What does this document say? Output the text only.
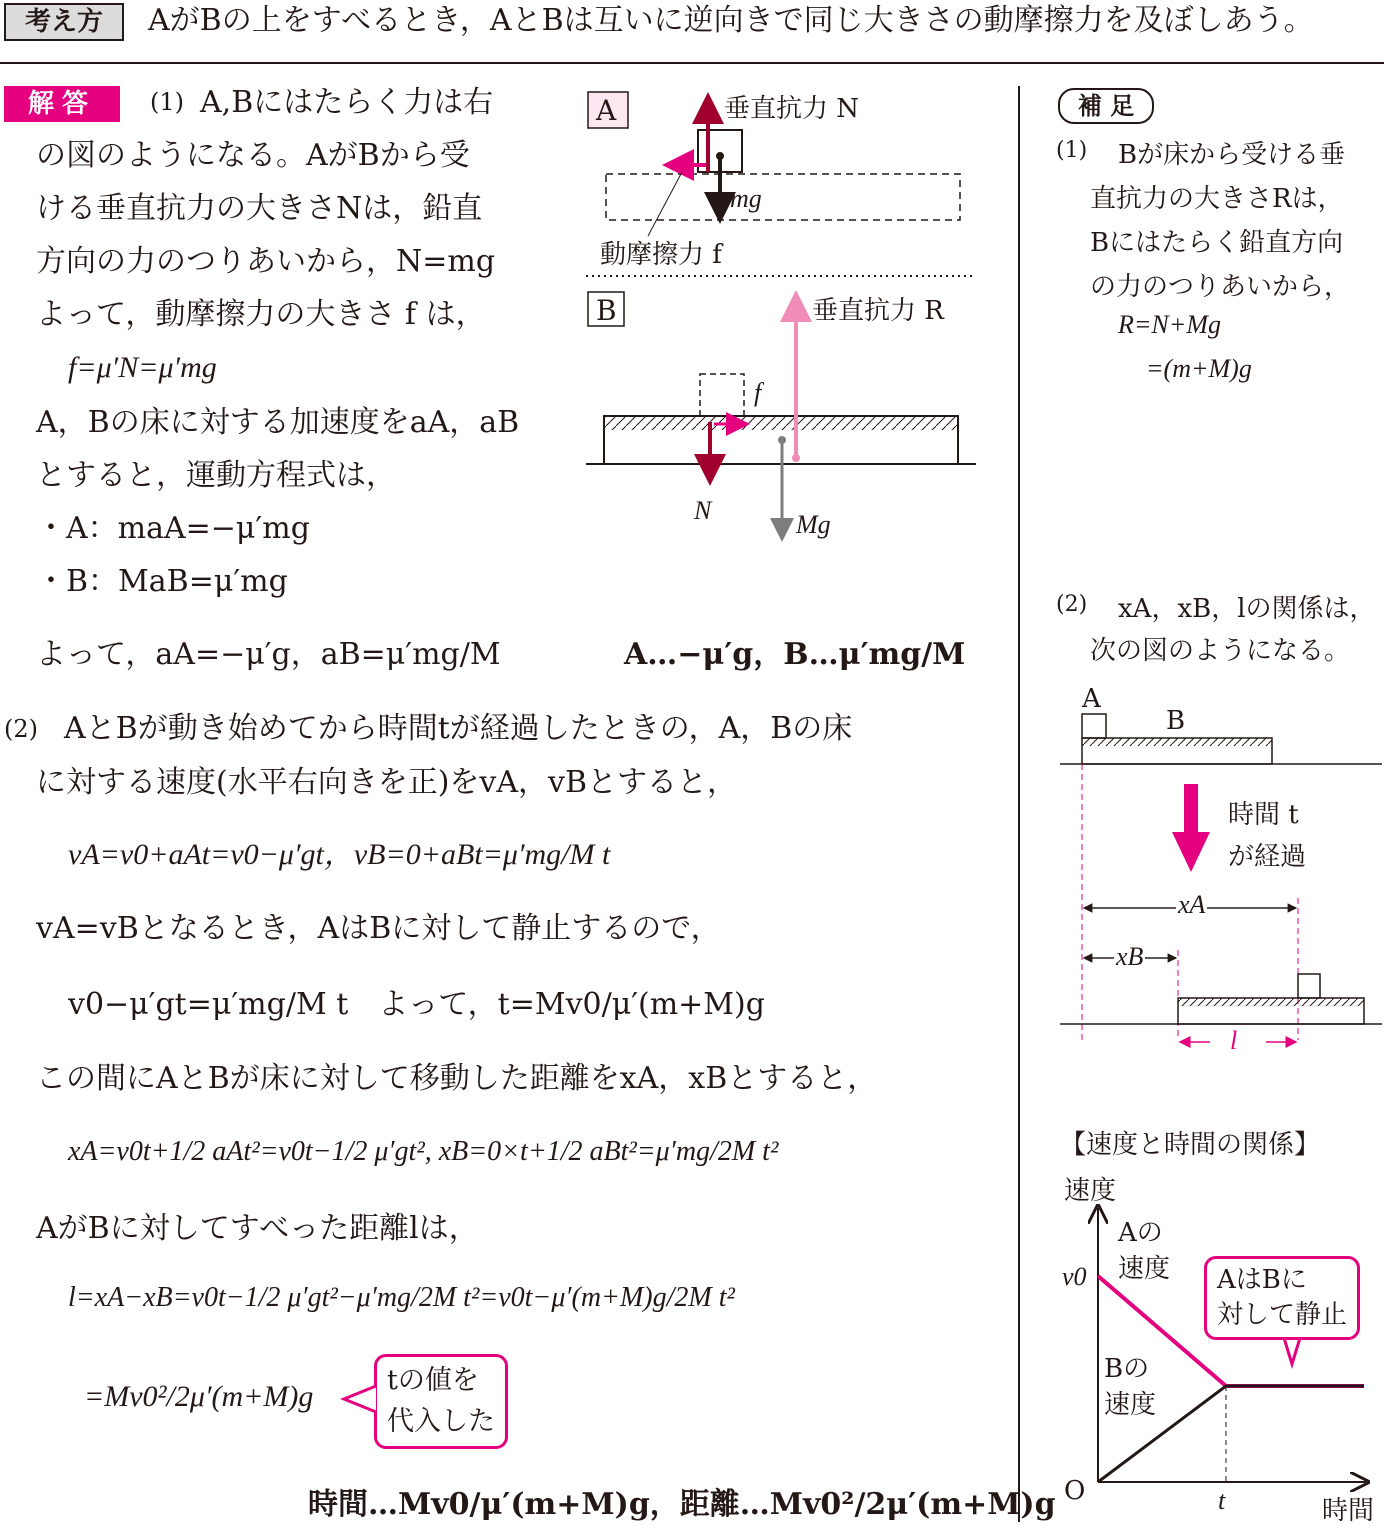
考え方	AがBの上をすべるとき，AとBは互いに逆向きで同じ大きさの動摩擦力を及ぼしあう。
解答	(1) A,Bにはたらく力は右
の図のようになる。AがBから受
ける垂直抗力の大きさNは，鉛直
方向の力のつりあいから，N=mg
よって，動摩擦力の大きさ f は，
f=μ′N=μ′mg
A，Bの床に対する加速度をaA，aB
とすると，運動方程式は，
・A：maA=−μ′mg
・B：MaB=μ′mg
よって，aA=−μ′g，aB=μ′mg/M	A…−μ′g，B…μ′mg/M
A
B
垂直抗力 N
mg
動摩擦力 f
垂直抗力 R
f
N	Mg
(2) AとBが動き始めてから時間tが経過したときの，A，Bの床
に対する速度(水平右向きを正)をvA，vBとすると，
vA=v0+aAt=v0−μ′gt，vB=0+aBt=μ′mg/M t
vA=vBとなるとき，AはBに対して静止するので，
v0−μ′gt=μ′mg/M t　よって，t=Mv0/μ′(m+M)g
この間にAとBが床に対して移動した距離をxA，xBとすると，
xA=v0t+1/2 aAt²=v0t−1/2 μ′gt², xB=0×t+1/2 aBt²=μ′mg/2M t²
AがBに対してすべった距離lは，
l=xA−xB=v0t−1/2 μ′gt²−μ′mg/2M t²=v0t−μ′(m+M)g/2M t²
=Mv0²/2μ′(m+M)g	tの値を
代入した
時間…Mv0/μ′(m+M)g，距離…Mv0²/2μ′(m+M)g
補 足
(1) Bが床から受ける垂
直抗力の大きさRは，
Bにはたらく鉛直方向
の力のつりあいから，
R=N+Mg
=(m+M)g
(2) xA，xB，lの関係は，
次の図のようになる。
A
B
時間 t
が経過
xA
xB
l
【速度と時間の関係】
速度
Aの
速度
v0
Bの
速度
AはBに
対して静止
O	t	時間
